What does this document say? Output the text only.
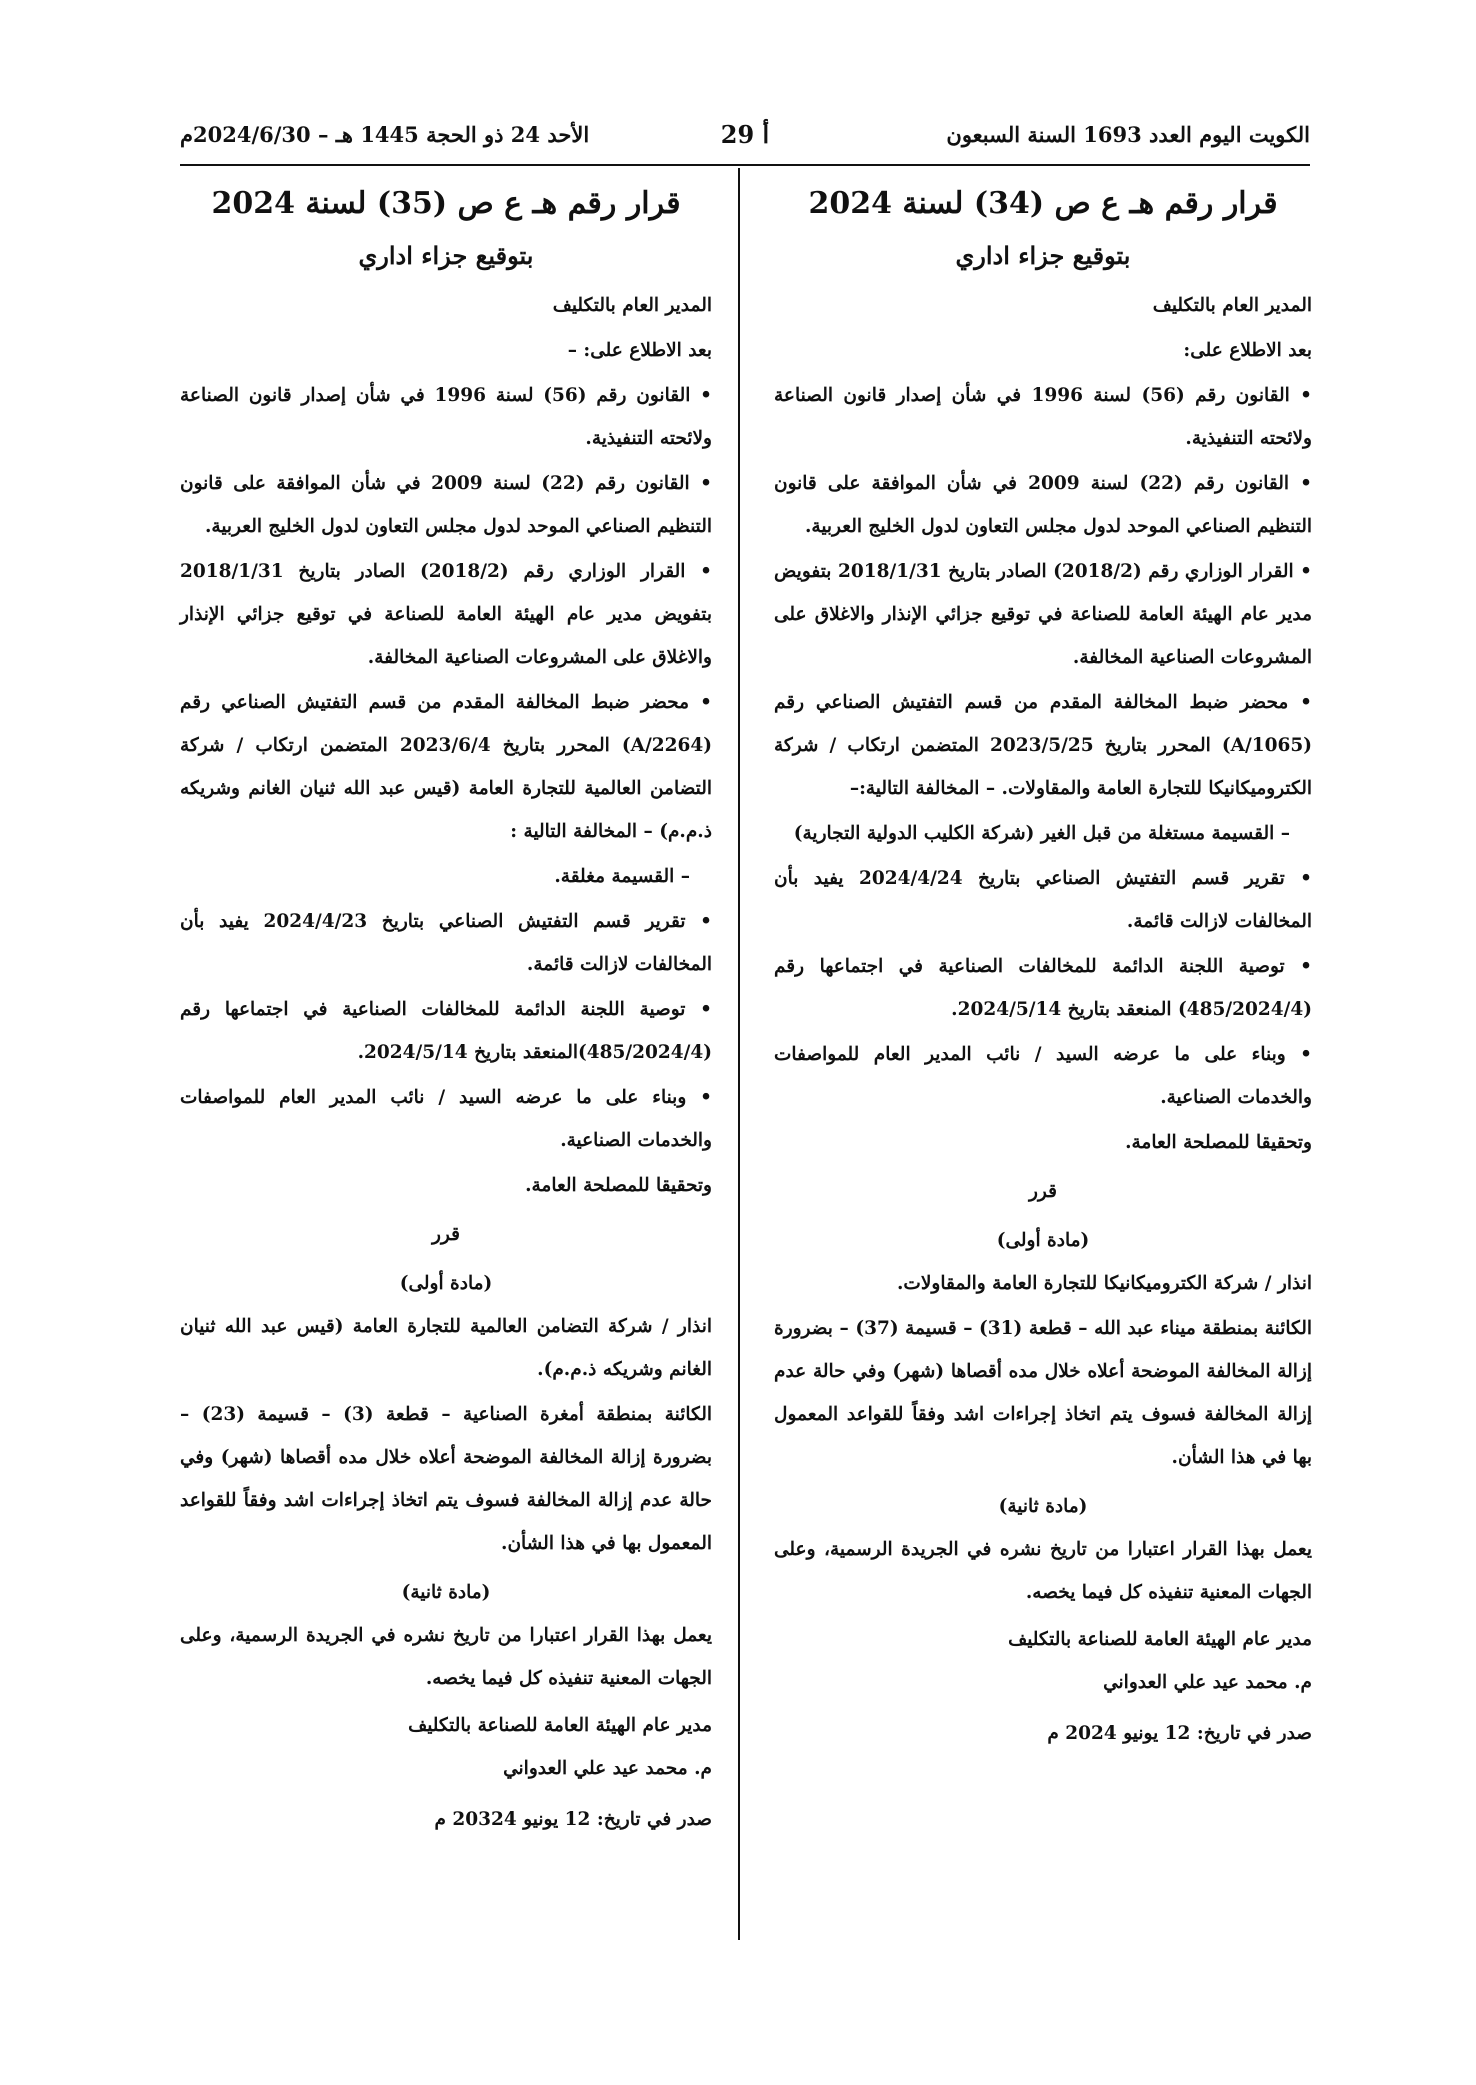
الكويت اليوم العدد 1693 السنة السبعون
أ 29
الأحد 24 ذو الحجة 1445 هـ – 2024/6/30م
قرار رقم هـ ع ص (34) لسنة 2024
بتوقيع جزاء اداري
المدير العام بالتكليف
بعد الاطلاع على:
• القانون رقم (56) لسنة 1996 في شأن إصدار قانون الصناعة ولائحته التنفيذية.
• القانون رقم (22) لسنة 2009 في شأن الموافقة على قانون التنظيم الصناعي الموحد لدول مجلس التعاون لدول الخليج العربية.
• القرار الوزاري رقم (2018/2) الصادر بتاريخ 2018/1/31 بتفويض مدير عام الهيئة العامة للصناعة في توقيع جزائي الإنذار والاغلاق على المشروعات الصناعية المخالفة.
• محضر ضبط المخالفة المقدم من قسم التفتيش الصناعي رقم (A/1065) المحرر بتاريخ 2023/5/25 المتضمن ارتكاب / شركة الكتروميكانيكا للتجارة العامة والمقاولات. – المخالفة التالية:–
– القسيمة مستغلة من قبل الغير (شركة الكليب الدولية التجارية)
• تقرير قسم التفتيش الصناعي بتاريخ 2024/4/24 يفيد بأن المخالفات لازالت قائمة.
• توصية اللجنة الدائمة للمخالفات الصناعية في اجتماعها رقم (485/2024/4) المنعقد بتاريخ 2024/5/14.
• وبناء على ما عرضه السيد / نائب المدير العام للمواصفات والخدمات الصناعية.
وتحقيقا للمصلحة العامة.
قرر
(مادة أولى)
انذار / شركة الكتروميكانيكا للتجارة العامة والمقاولات.
الكائنة بمنطقة ميناء عبد الله – قطعة (31) – قسيمة (37) – بضرورة إزالة المخالفة الموضحة أعلاه خلال مده أقصاها (شهر) وفي حالة عدم إزالة المخالفة فسوف يتم اتخاذ إجراءات اشد وفقاً للقواعد المعمول بها في هذا الشأن.
(مادة ثانية)
يعمل بهذا القرار اعتبارا من تاريخ نشره في الجريدة الرسمية، وعلى الجهات المعنية تنفيذه كل فيما يخصه.
مدير عام الهيئة العامة للصناعة بالتكليف
م. محمد عيد علي العدواني
صدر في تاريخ: 12 يونيو 2024 م
قرار رقم هـ ع ص (35) لسنة 2024
بتوقيع جزاء اداري
المدير العام بالتكليف
بعد الاطلاع على: –
• القانون رقم (56) لسنة 1996 في شأن إصدار قانون الصناعة ولائحته التنفيذية.
• القانون رقم (22) لسنة 2009 في شأن الموافقة على قانون التنظيم الصناعي الموحد لدول مجلس التعاون لدول الخليج العربية.
• القرار الوزاري رقم (2018/2) الصادر بتاريخ 2018/1/31 بتفويض مدير عام الهيئة العامة للصناعة في توقيع جزائي الإنذار والاغلاق على المشروعات الصناعية المخالفة.
• محضر ضبط المخالفة المقدم من قسم التفتيش الصناعي رقم (A/2264) المحرر بتاريخ 2023/6/4 المتضمن ارتكاب / شركة التضامن العالمية للتجارة العامة (قيس عبد الله ثنيان الغانم وشريكه ذ.م.م) – المخالفة التالية :
– القسيمة مغلقة.
• تقرير قسم التفتيش الصناعي بتاريخ 2024/4/23 يفيد بأن المخالفات لازالت قائمة.
• توصية اللجنة الدائمة للمخالفات الصناعية في اجتماعها رقم (485/2024/4)المنعقد بتاريخ 2024/5/14.
• وبناء على ما عرضه السيد / نائب المدير العام للمواصفات والخدمات الصناعية.
وتحقيقا للمصلحة العامة.
قرر
(مادة أولى)
انذار / شركة التضامن العالمية للتجارة العامة (قيس عبد الله ثنيان الغانم وشريكه ذ.م.م).
الكائنة بمنطقة أمغرة الصناعية – قطعة (3) – قسيمة (23) – بضرورة إزالة المخالفة الموضحة أعلاه خلال مده أقصاها (شهر) وفي حالة عدم إزالة المخالفة فسوف يتم اتخاذ إجراءات اشد وفقاً للقواعد المعمول بها في هذا الشأن.
(مادة ثانية)
يعمل بهذا القرار اعتبارا من تاريخ نشره في الجريدة الرسمية، وعلى الجهات المعنية تنفيذه كل فيما يخصه.
مدير عام الهيئة العامة للصناعة بالتكليف
م. محمد عيد علي العدواني
صدر في تاريخ: 12 يونيو 20324 م
